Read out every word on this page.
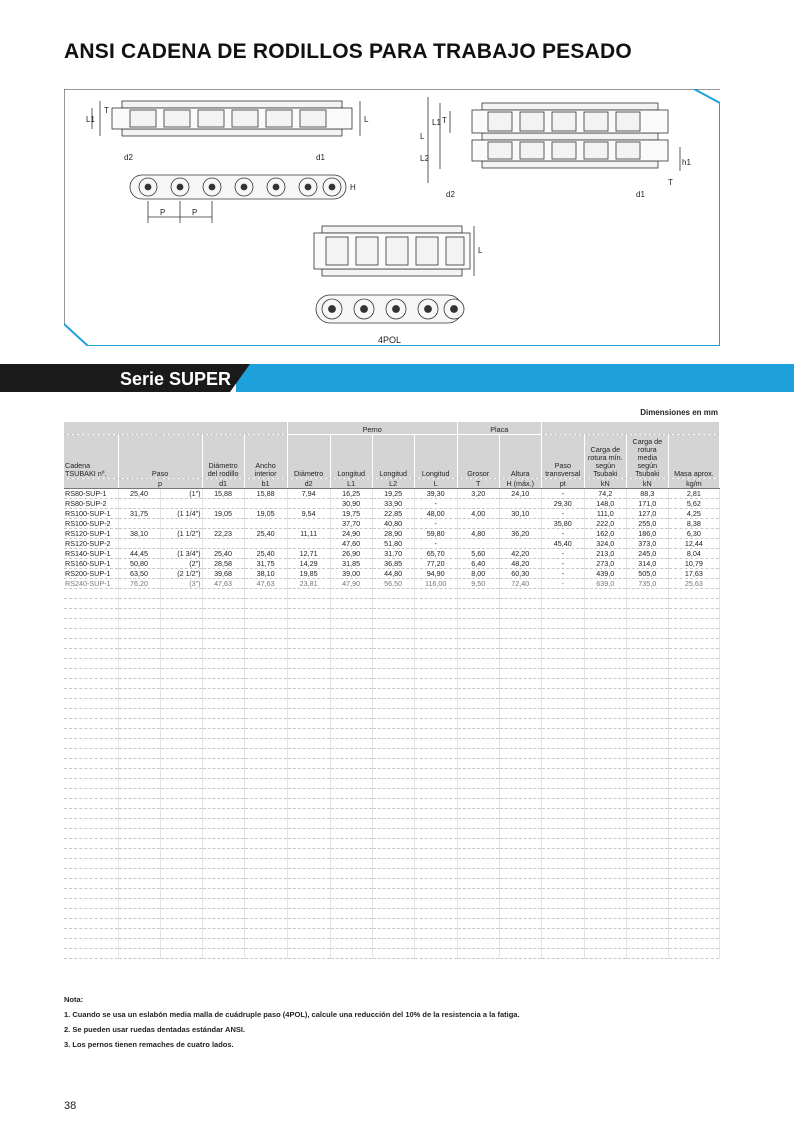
ANSI CADENA DE RODILLOS PARA TRABAJO PESADO
T
L1	L
d2	d1
P	P
H
L
L1 T
L2	h1
T
d2	d1
L
4POL
Serie SUPER
Dimensiones en mm
					Perno				Placa					
Cadena TSUBAKI nº.	Paso		Diámetro del rodillo	Ancho interior	Diámetro	Longitud	Longitud	Longitud	Grosor	Altura	Paso transversal	Carga de rotura mín. según Tsubaki	Carga de rotura media según Tsubaki	Masa aprox.
	p		d1	b1	d2	L1	L2	L	T	H (máx.)	pt	kN	kN	kg/m
RS80-SUP-1	25,40	(1")	15,88	15,88	7,94	16,25	19,25	39,30	3,20	24,10	-	74,2	88,3	2,81
RS80-SUP-2						30,90	33,90	-			29,30	148,0	171,0	5,62
RS100-SUP-1	31,75	(1 1/4")	19,05	19,05	9,54	19,75	22,85	48,00	4,00	30,10	-	111,0	127,0	4,25
RS100-SUP-2						37,70	40,80	-			35,80	222,0	255,0	8,38
RS120-SUP-1	38,10	(1 1/2")	22,23	25,40	11,11	24,90	28,90	59,80	4,80	36,20	-	162,0	186,0	6,30
RS120-SUP-2						47,60	51,80	-			45,40	324,0	373,0	12,44
RS140-SUP-1	44,45	(1 3/4")	25,40	25,40	12,71	26,90	31,70	65,70	5,60	42,20	-	213,0	245,0	8,04
RS160-SUP-1	50,80	(2")	28,58	31,75	14,29	31,85	36,85	77,20	6,40	48,20	-	273,0	314,0	10,79
RS200-SUP-1	63,50	(2 1/2")	39,68	38,10	19,85	39,00	44,80	94,90	8,00	60,30	-	439,0	505,0	17,63
RS240-SUP-1	76,20	(3")	47,63	47,63	23,81	47,90	56,50	116,00	9,50	72,40	-	639,0	735,0	25,63

Nota:
1. Cuando se usa un eslabón media malla de cuádruple paso (4POL), calcule una reducción del 10% de la resistencia a la fatiga.
2. Se pueden usar ruedas dentadas estándar ANSI.
3. Los pernos tienen remaches de cuatro lados.
38
